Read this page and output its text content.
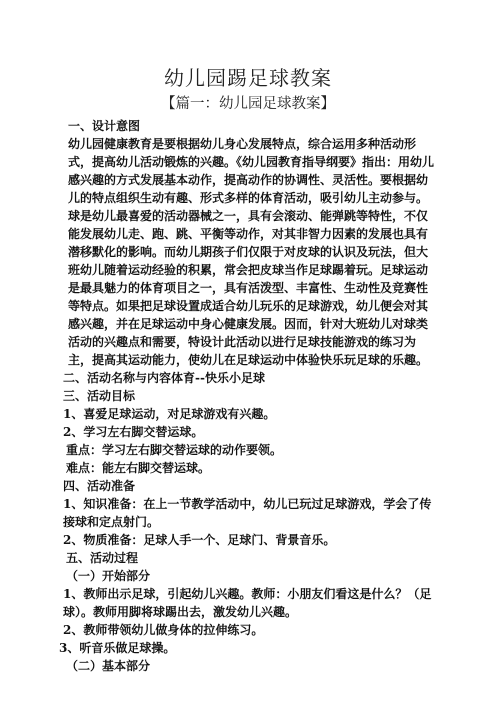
幼儿园踢足球教案
【篇一：幼儿园足球教案】

一、设计意图

幼儿园健康教育是要根据幼儿身心发展特点，综合运用多种活动形式，提高幼儿活动锻炼的兴趣。《幼儿园教育指导纲要》指出：用幼儿感兴趣的方式发展基本动作，提高动作的协调性、灵活性。要根据幼儿的特点组织生动有趣、形式多样的体育活动，吸引幼儿主动参与。球是幼儿最喜爱的活动器械之一，具有会滚动、能弹跳等特性，不仅能发展幼儿走、跑、跳、平衡等动作，对其非智力因素的发展也具有潜移默化的影响。而幼儿期孩子们仅限于对皮球的认识及玩法，但大班幼儿随着运动经验的积累，常会把皮球当作足球踢着玩。足球运动是最具魅力的体育项目之一，具有活泼型、丰富性、生动性及竞赛性等特点。如果把足球设置成适合幼儿玩乐的足球游戏，幼儿便会对其感兴趣，并在足球运动中身心健康发展。因而，针对大班幼儿对球类活动的兴趣点和需要，特设计此活动以进行足球技能游戏的练习为主，提高其运动能力，使幼儿在足球运动中体验快乐玩足球的乐趣。

二、活动名称与内容体育--快乐小足球

三、活动目标

1、喜爱足球运动，对足球游戏有兴趣。

2、学习左右脚交替运球。

重点：学习左右脚交替运球的动作要领。

难点：能左右脚交替运球。

四、活动准备

1、知识准备：在上一节教学活动中，幼儿已玩过足球游戏，学会了传接球和定点射门。

2、物质准备：足球人手一个、足球门、背景音乐。

五、活动过程

（一）开始部分

1、教师出示足球，引起幼儿兴趣。教师：小朋友们看这是什么？（足球）。教师用脚将球踢出去，激发幼儿兴趣。

2、教师带领幼儿做身体的拉伸练习。

3、听音乐做足球操。

（二）基本部分
